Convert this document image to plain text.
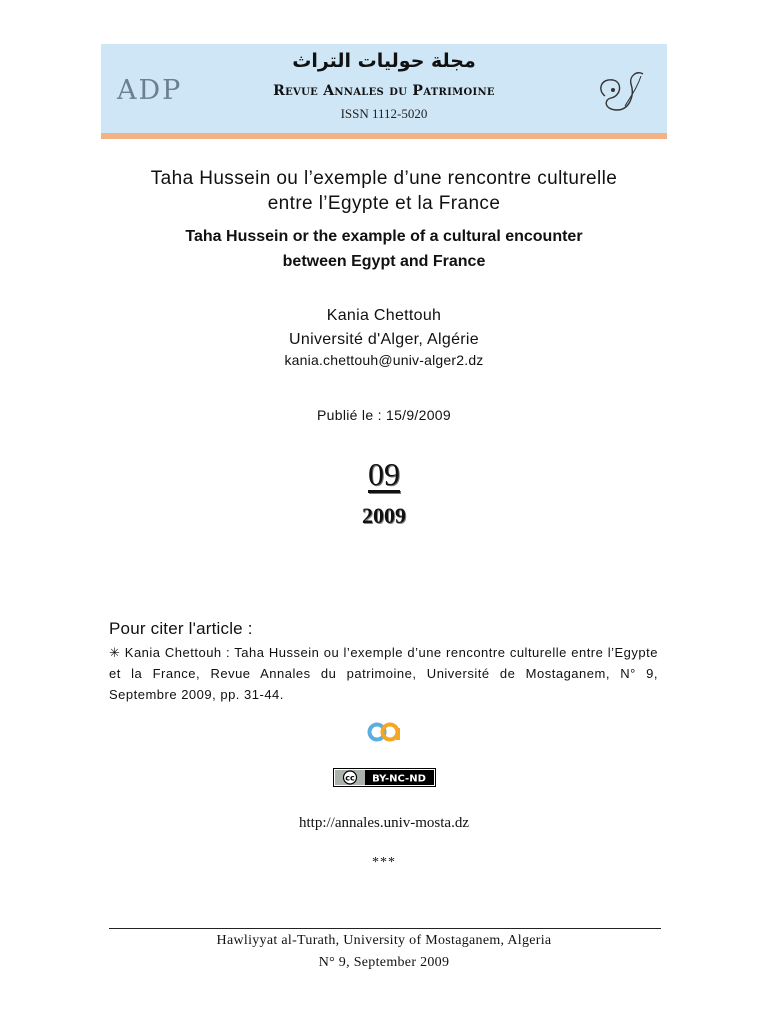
ADP
مجلة حوليات التراث
Revue Annales du Patrimoine
ISSN 1112-5020
Taha Hussein ou l’exemple d’une rencontre culturelle
entre l’Egypte et la France
Taha Hussein or the example of a cultural encounter
between Egypt and France
Kania Chettouh
Université d'Alger, Algérie
kania.chettouh@univ-alger2.dz
Publié le : 15/9/2009
09
2009
Pour citer l'article :
✳ Kania Chettouh : Taha Hussein ou l’exemple d’une rencontre culturelle entre l’Egypte et la France, Revue Annales du patrimoine, Université de Mostaganem, N° 9, Septembre 2009, pp. 31-44.
cc BY-NC-ND
http://annales.univ-mosta.dz
***
Hawliyyat al-Turath, University of Mostaganem, Algeria
N° 9, September 2009
